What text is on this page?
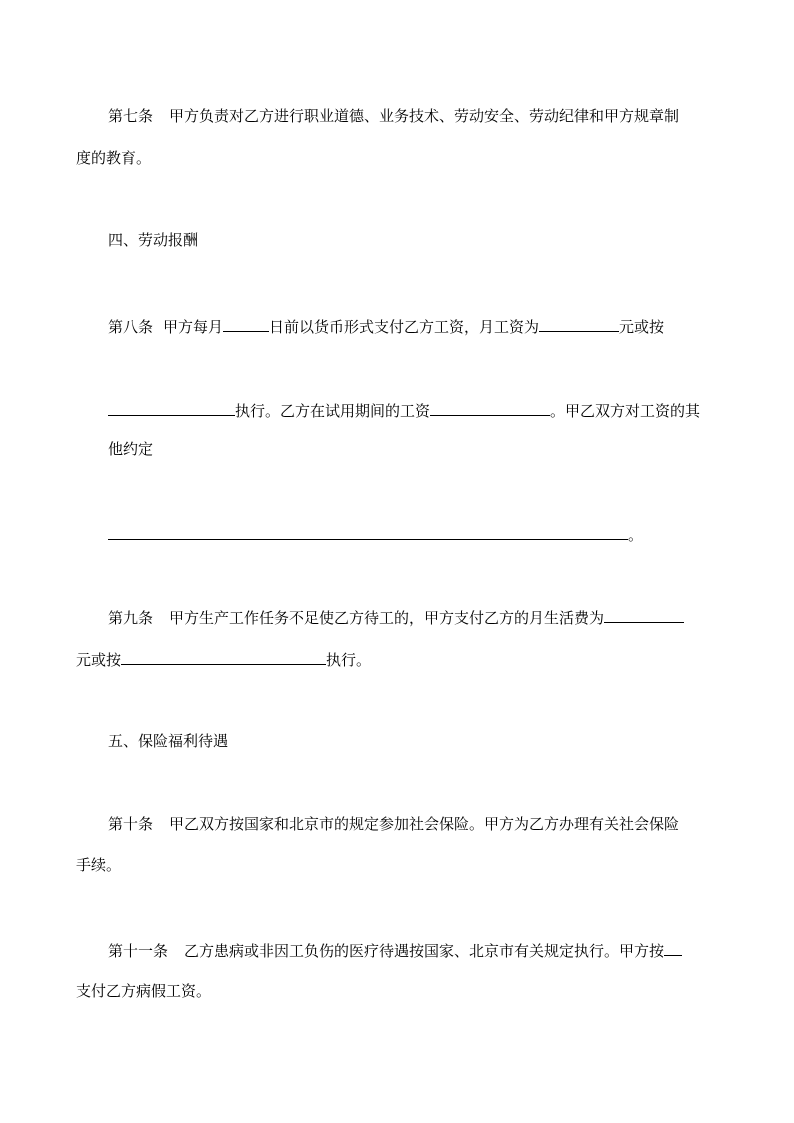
第七条 甲方负责对乙方进行职业道德、业务技术、劳动安全、劳动纪律和甲方规章制
度的教育。
四、劳动报酬
第八条 甲方每月	日前以货币形式支付乙方工资，月工资为	元或按
执行。乙方在试用期间的工资	。甲乙双方对工资的其
他约定
。
第九条 甲方生产工作任务不足使乙方待工的，甲方支付乙方的月生活费为
元或按	执行。
五、保险福利待遇
第十条 甲乙双方按国家和北京市的规定参加社会保险。甲方为乙方办理有关社会保险
手续。
第十一条 乙方患病或非因工负伤的医疗待遇按国家、北京市有关规定执行。甲方按
支付乙方病假工资。
